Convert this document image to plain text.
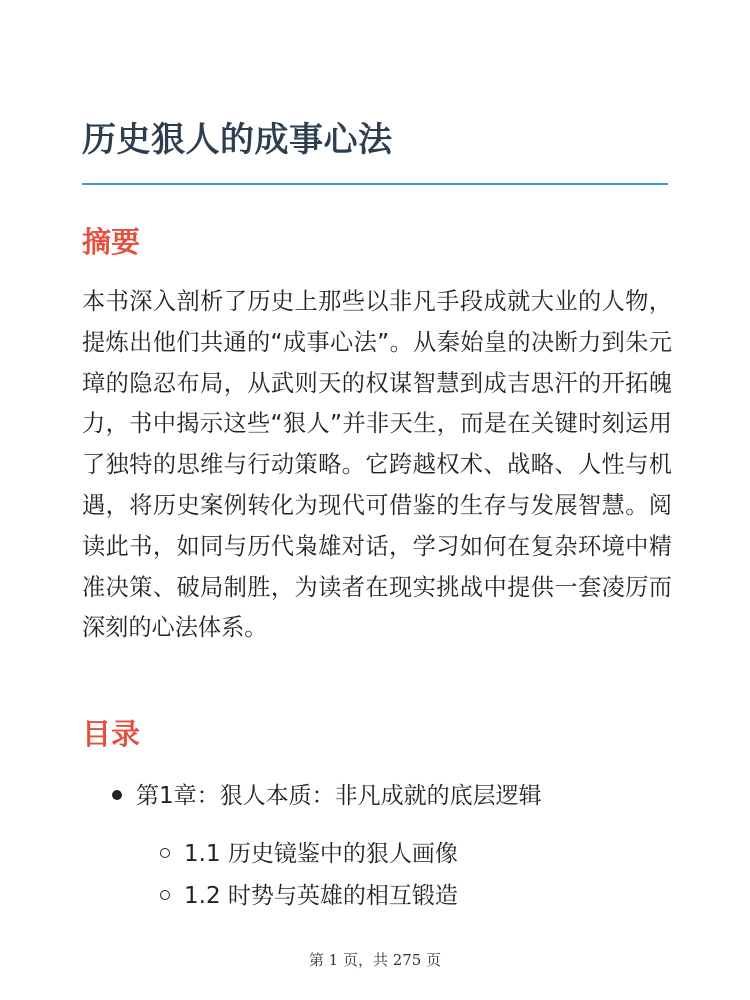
历史狠人的成事心法
摘要

本书深入剖析了历史上那些以非凡手段成就大业的人物，提炼出他们共通的“成事心法”。从秦始皇的决断力到朱元璋的隐忍布局，从武则天的权谋智慧到成吉思汗的开拓魄力，书中揭示这些“狠人”并非天生，而是在关键时刻运用了独特的思维与行动策略。它跨越权术、战略、人性与机遇，将历史案例转化为现代可借鉴的生存与发展智慧。阅读此书，如同与历代枭雄对话，学习如何在复杂环境中精准决策、破局制胜，为读者在现实挑战中提供一套凌厉而深刻的心法体系。

目录
第1章：狠人本质：非凡成就的底层逻辑
1.1 历史镜鉴中的狠人画像
1.2 时势与英雄的相互锻造
第 1 页，共 275 页
